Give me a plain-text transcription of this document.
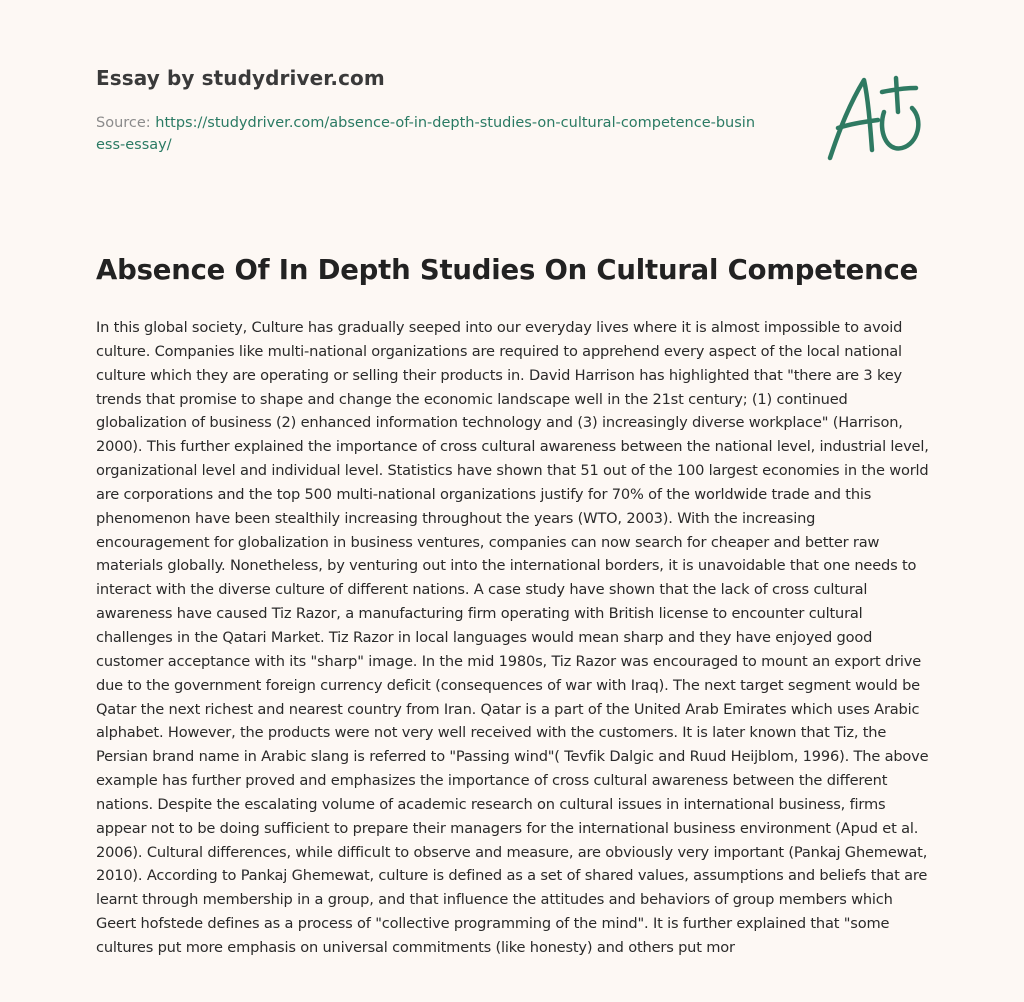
Essay by studydriver.com
Source: https://studydriver.com/absence-of-in-depth-studies-on-cultural-competence-business-essay/
Absence Of In Depth Studies On Cultural Competence

In this global society, Culture has gradually seeped into our everyday lives where it is almost impossible to avoid culture. Companies like multi-national organizations are required to apprehend every aspect of the local national culture which they are operating or selling their products in. David Harrison has highlighted that "there are 3 key trends that promise to shape and change the economic landscape well in the 21st century; (1) continued globalization of business (2) enhanced information technology and (3) increasingly diverse workplace" (Harrison, 2000). This further explained the importance of cross cultural awareness between the national level, industrial level, organizational level and individual level. Statistics have shown that 51 out of the 100 largest economies in the world are corporations and the top 500 multi-national organizations justify for 70% of the worldwide trade and this phenomenon have been stealthily increasing throughout the years (WTO, 2003). With the increasing encouragement for globalization in business ventures, companies can now search for cheaper and better raw materials globally. Nonetheless, by venturing out into the international borders, it is unavoidable that one needs to interact with the diverse culture of different nations. A case study have shown that the lack of cross cultural awareness have caused Tiz Razor, a manufacturing firm operating with British license to encounter cultural challenges in the Qatari Market. Tiz Razor in local languages would mean sharp and they have enjoyed good customer acceptance with its "sharp" image. In the mid 1980s, Tiz Razor was encouraged to mount an export drive due to the government foreign currency deficit (consequences of war with Iraq). The next target segment would be Qatar the next richest and nearest country from Iran. Qatar is a part of the United Arab Emirates which uses Arabic alphabet. However, the products were not very well received with the customers. It is later known that Tiz, the Persian brand name in Arabic slang is referred to "Passing wind"( Tevfik Dalgic and Ruud Heijblom, 1996). The above example has further proved and emphasizes the importance of cross cultural awareness between the different nations. Despite the escalating volume of academic research on cultural issues in international business, firms appear not to be doing sufficient to prepare their managers for the international business environment (Apud et al. 2006). Cultural differences, while difficult to observe and measure, are obviously very important (Pankaj Ghemewat, 2010). According to Pankaj Ghemewat, culture is defined as a set of shared values, assumptions and beliefs that are learnt through membership in a group, and that influence the attitudes and behaviors of group members which Geert hofstede defines as a process of "collective programming of the mind". It is further explained that "some cultures put more emphasis on universal commitments (like honesty) and others put mor
